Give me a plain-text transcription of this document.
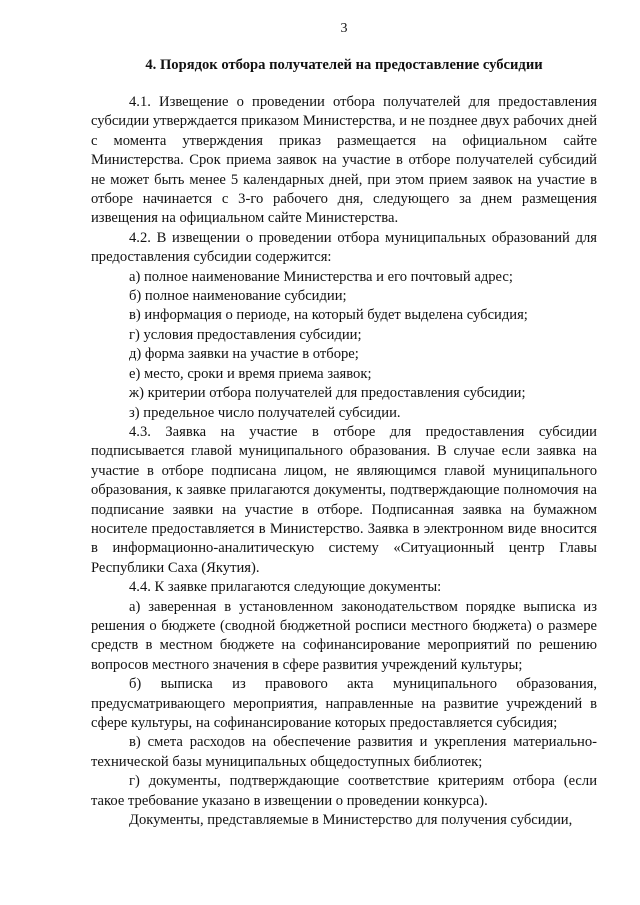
3
4. Порядок отбора получателей на предоставление субсидии

4.1. Извещение о проведении отбора получателей для предоставления субсидии утверждается приказом Министерства, и не позднее двух рабочих дней с момента утверждения приказ размещается на официальном сайте Министерства. Срок приема заявок на участие в отборе получателей субсидий не может быть менее 5 календарных дней, при этом прием заявок на участие в отборе начинается с 3-го рабочего дня, следующего за днем размещения извещения на официальном сайте Министерства.

4.2. В извещении о проведении отбора муниципальных образований для предоставления субсидии содержится:

а) полное наименование Министерства и его почтовый адрес;

б) полное наименование субсидии;

в) информация о периоде, на который будет выделена субсидия;

г) условия предоставления субсидии;

д) форма заявки на участие в отборе;

е) место, сроки и время приема заявок;

ж) критерии отбора получателей для предоставления субсидии;

з) предельное число получателей субсидии.

4.3. Заявка на участие в отборе для предоставления субсидии подписывается главой муниципального образования. В случае если заявка на участие в отборе подписана лицом, не являющимся главой муниципального образования, к заявке прилагаются документы, подтверждающие полномочия на подписание заявки на участие в отборе. Подписанная заявка на бумажном носителе предоставляется в Министерство. Заявка в электронном виде вносится в информационно-аналитическую систему «Ситуационный центр Главы Республики Саха (Якутия).

4.4. К заявке прилагаются следующие документы:

а) заверенная в установленном законодательством порядке выписка из решения о бюджете (сводной бюджетной росписи местного бюджета) о размере средств в местном бюджете на софинансирование мероприятий по решению вопросов местного значения в сфере развития учреждений культуры;

б) выписка из правового акта муниципального образования, предусматривающего мероприятия, направленные на развитие учреждений в сфере культуры, на софинансирование которых предоставляется субсидия;

в) смета расходов на обеспечение развития и укрепления материально-технической базы муниципальных общедоступных библиотек;

г) документы, подтверждающие соответствие критериям отбора (если такое требование указано в извещении о проведении конкурса).

Документы, представляемые в Министерство для получения субсидии,
